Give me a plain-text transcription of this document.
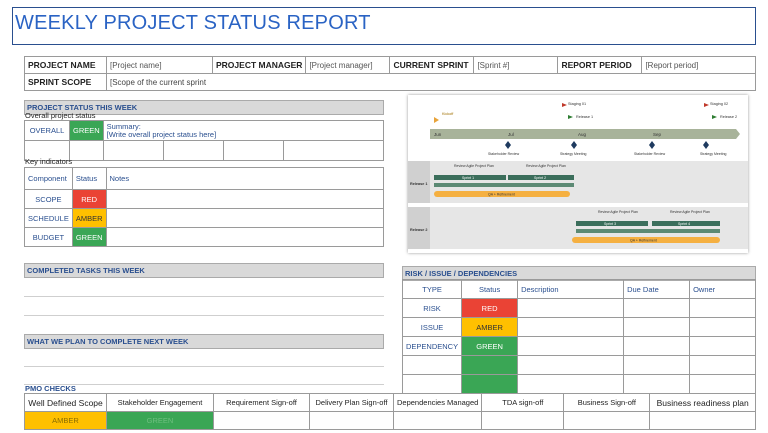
WEEKLY PROJECT STATUS REPORT
PROJECT NAME	[Project name]	PROJECT MANAGER	[Project manager]	CURRENT SPRINT	[Sprint #]	REPORT PERIOD	[Report period]
SPRINT SCOPE	[Scope of the current sprint						
PROJECT STATUS THIS WEEK
Overall project status
OVERALL	GREEN	Summary:
[Write overall project status here]			

Key indicators
Component	Status	Notes
SCOPE	RED	
SCHEDULE	AMBER	
BUDGET	GREEN	
Jun	Jul	Aug	Sep
Kickoff
Staging 01
Release 1
Staging 02
Release 2
Stakeholder Review	Strategy Meeting	Stakeholder Review	Strategy Meeting
Release 1
Review Agile Project Plan	Review Agile Project Plan
Sprint 1	Sprint 2
QA + Refinement
Release 2
Review Agile Project Plan	Review Agile Project Plan
Sprint 3	Sprint 4
QA + Refinement
COMPLETED TASKS THIS WEEK
WHAT WE PLAN TO COMPLETE NEXT WEEK
RISK / ISSUE / DEPENDENCIES
TYPE	Status	Description	Due Date	Owner
RISK	RED			
ISSUE	AMBER			
DEPENDENCY	GREEN			

PMO CHECKS
Well Defined Scope	Stakeholder Engagement	Requirement Sign-off	Delivery Plan Sign-off	Dependencies Managed	TDA sign-off	Business Sign-off	Business readiness plan
AMBER	GREEN						
